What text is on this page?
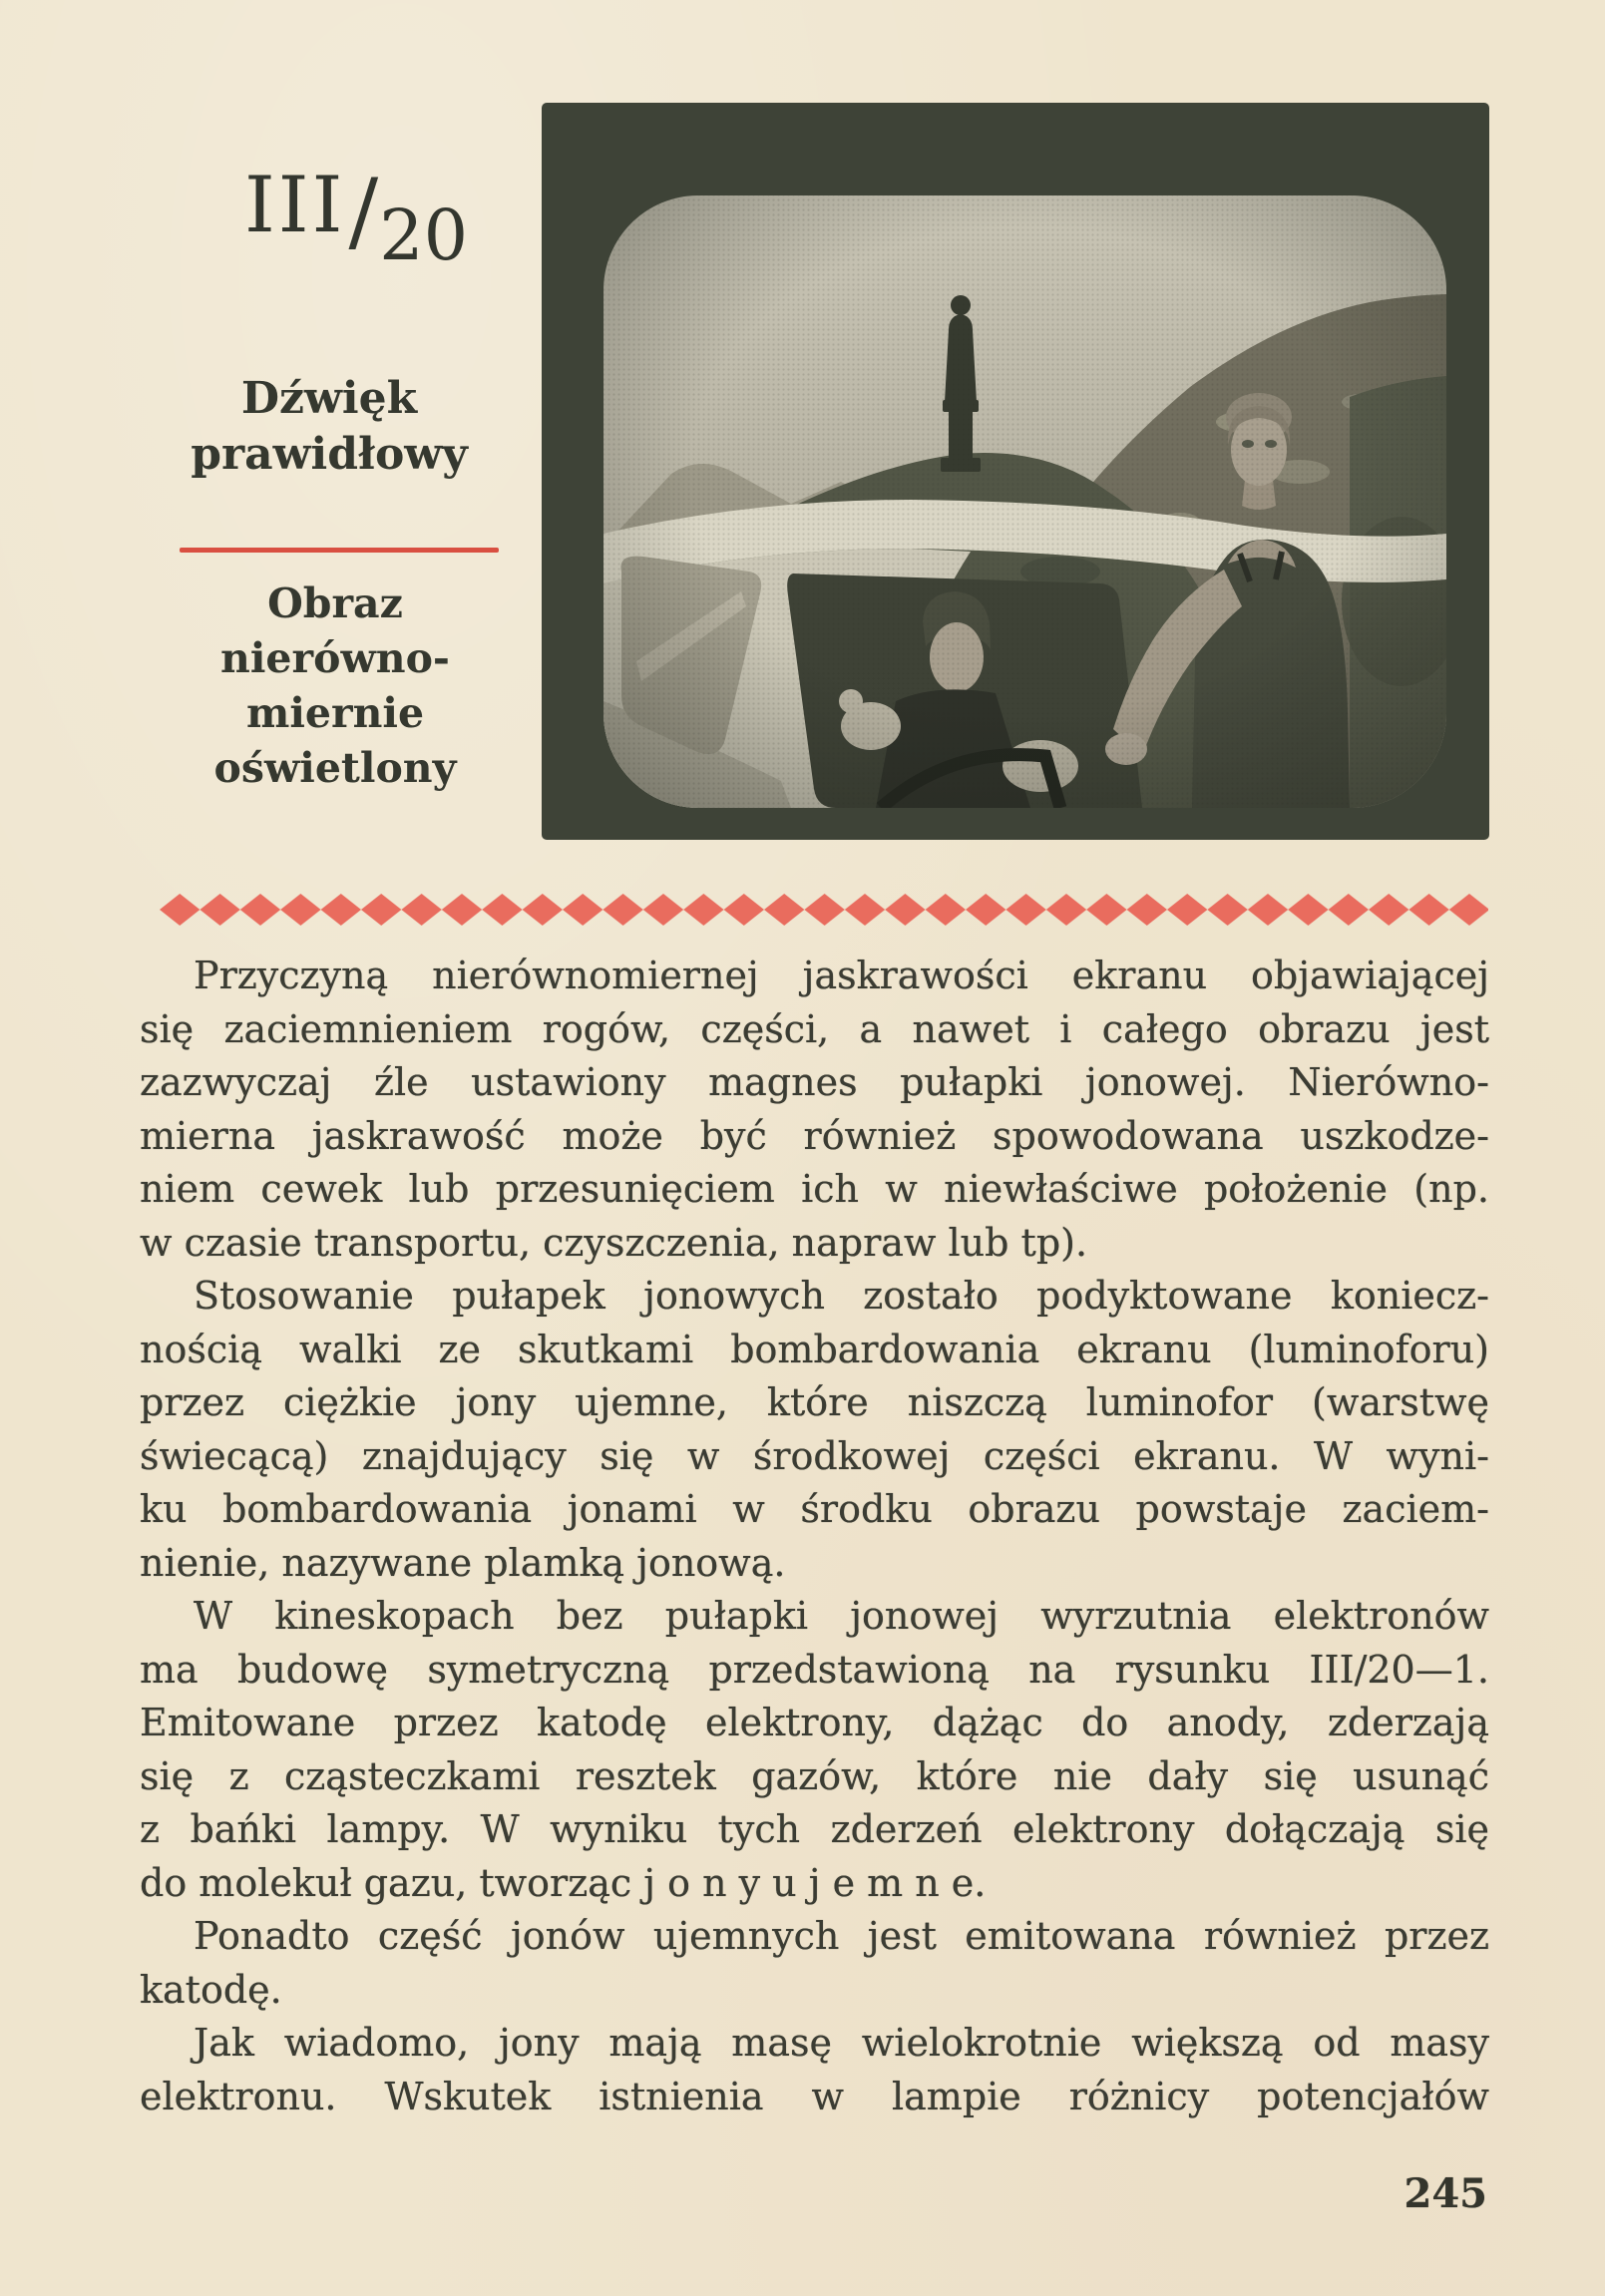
III/20
Dźwięk
prawidłowy
Obraz
nierówno-
miernie
oświetlony
Przyczyną nierównomiernej jaskrawości ekranu objawiającej
się zaciemnieniem rogów, części, a nawet i całego obrazu jest
zazwyczaj źle ustawiony magnes pułapki jonowej. Nierówno-
mierna jaskrawość może być również spowodowana uszkodze-
niem cewek lub przesunięciem ich w niewłaściwe położenie (np.
w czasie transportu, czyszczenia, napraw lub tp).
Stosowanie pułapek jonowych zostało podyktowane koniecz-
nością walki ze skutkami bombardowania ekranu (luminoforu)
przez ciężkie jony ujemne, które niszczą luminofor (warstwę
świecącą) znajdujący się w środkowej części ekranu. W wyni-
ku bombardowania jonami w środku obrazu powstaje zaciem-
nienie, nazywane plamką jonową.
W kineskopach bez pułapki jonowej wyrzutnia elektronów
ma budowę symetryczną przedstawioną na rysunku III/20—1.
Emitowane przez katodę elektrony, dążąc do anody, zderzają
się z cząsteczkami resztek gazów, które nie dały się usunąć
z bańki lampy. W wyniku tych zderzeń elektrony dołączają się
do molekuł gazu, tworząc j o n y u j e m n e.
Ponadto część jonów ujemnych jest emitowana również przez
katodę.
Jak wiadomo, jony mają masę wielokrotnie większą od masy
elektronu. Wskutek istnienia w lampie różnicy potencjałów
245
